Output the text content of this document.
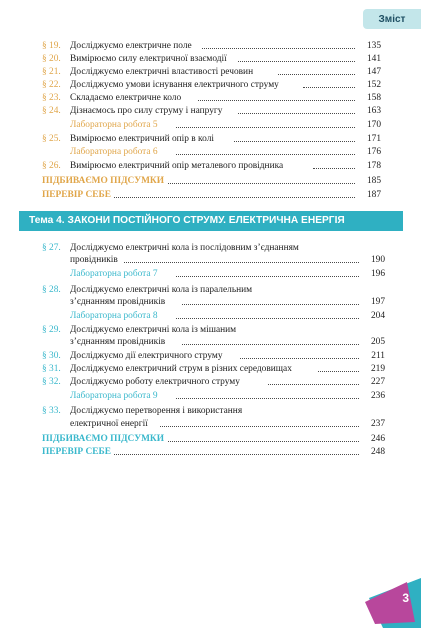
Зміст
§ 19. Досліджуємо електричне поле	135
§ 20. Вимірюємо силу електричної взаємодії	141
§ 21. Досліджуємо електричні властивості речовин	147
§ 22. Досліджуємо умови існування електричного струму	152
§ 23. Складаємо електричне коло	158
§ 24. Дізнаємось про силу струму і напругу	163
Лабораторна робота 5	170
§ 25. Вимірюємо електричний опір в колі	171
Лабораторна робота 6	176
§ 26. Вимірюємо електричний опір металевого провідника	178
ПІДБИВАЄМО ПІДСУМКИ	185
ПЕРЕВІР СЕБЕ	187
Тема 4. ЗАКОНИ ПОСТІЙНОГО СТРУМУ. ЕЛЕКТРИЧНА ЕНЕРГІЯ
§ 27. Досліджуємо електричні кола із послідовним з’єднанням
провідників	190
Лабораторна робота 7	196
§ 28. Досліджуємо електричні кола із паралельним
з’єднанням провідників	197
Лабораторна робота 8	204
§ 29. Досліджуємо електричні кола із мішаним
з’єднанням провідників	205
§ 30. Досліджуємо дії електричного струму	211
§ 31. Досліджуємо електричний струм в різних середовищах	219
§ 32. Досліджуємо роботу електричного струму	227
Лабораторна робота 9	236
§ 33. Досліджуємо перетворення і використання
електричної енергії	237
ПІДБИВАЄМО ПІДСУМКИ	246
ПЕРЕВІР СЕБЕ	248
3
